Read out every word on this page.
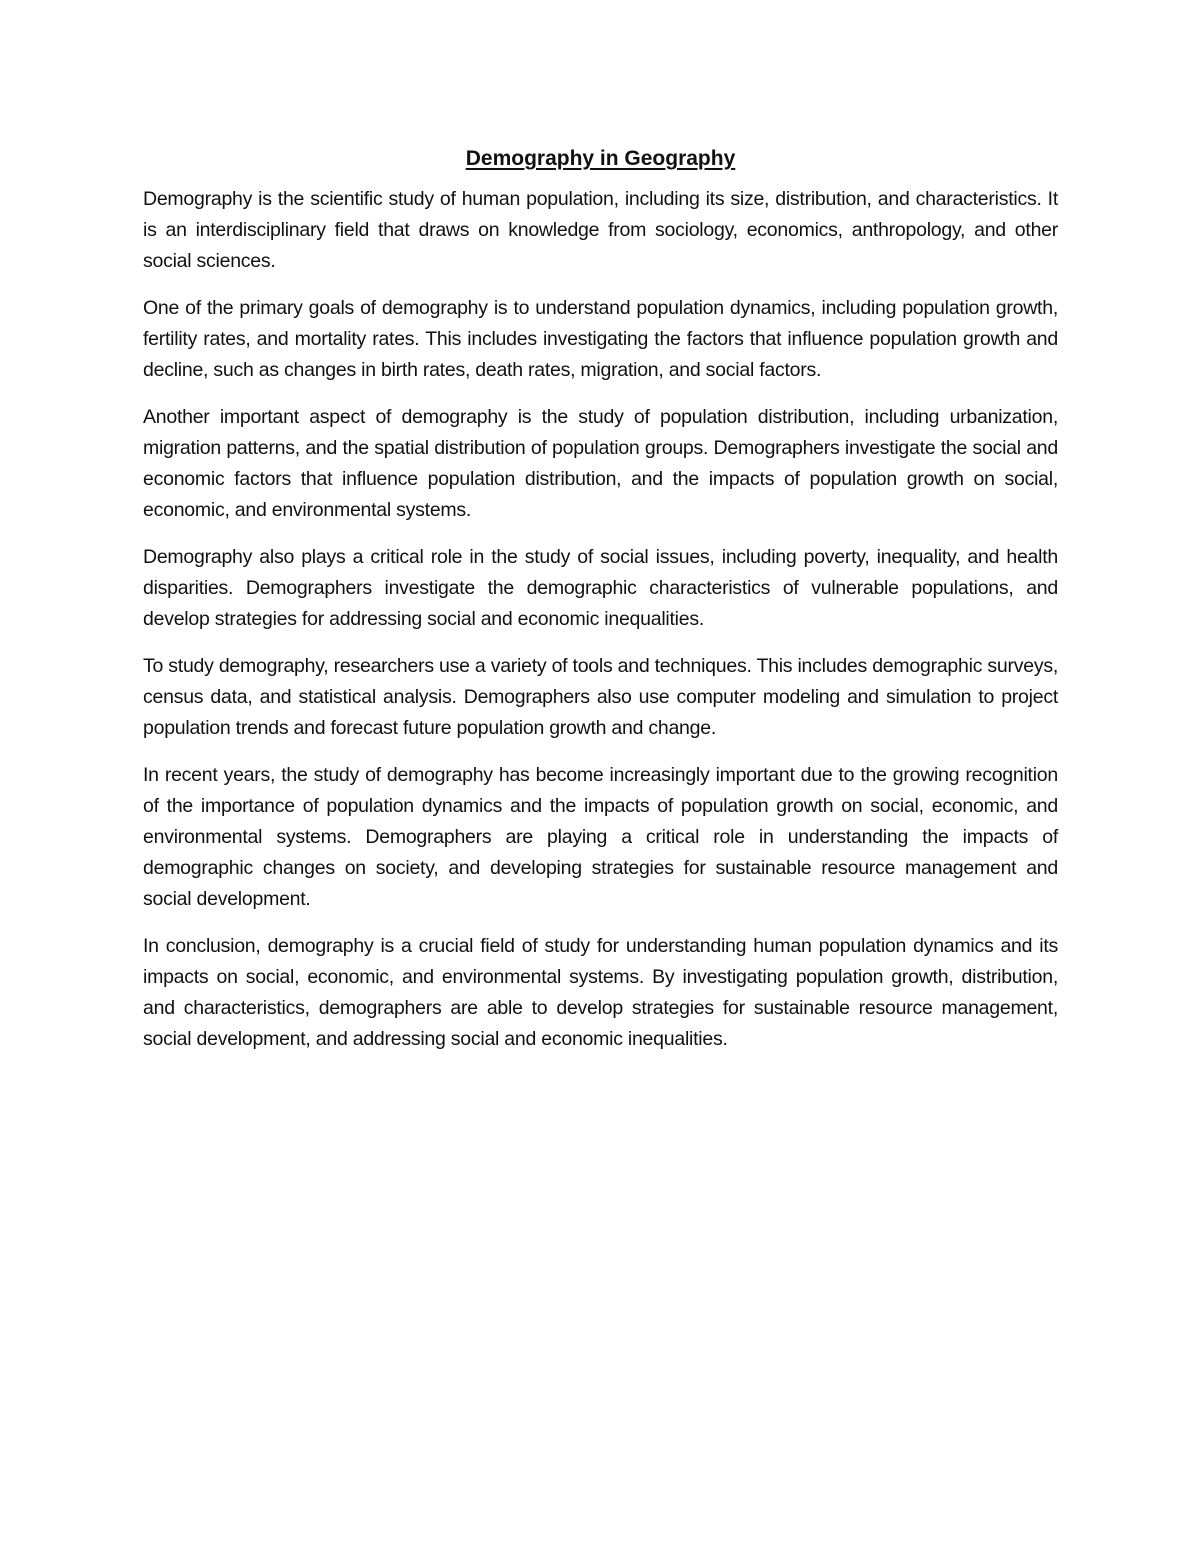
Demography in Geography

Demography is the scientific study of human population, including its size, distribution, and characteristics. It is an interdisciplinary field that draws on knowledge from sociology, economics, anthropology, and other social sciences.

One of the primary goals of demography is to understand population dynamics, including population growth, fertility rates, and mortality rates. This includes investigating the factors that influence population growth and decline, such as changes in birth rates, death rates, migration, and social factors.

Another important aspect of demography is the study of population distribution, including urbanization, migration patterns, and the spatial distribution of population groups. Demographers investigate the social and economic factors that influence population distribution, and the impacts of population growth on social, economic, and environmental systems.

Demography also plays a critical role in the study of social issues, including poverty, inequality, and health disparities. Demographers investigate the demographic characteristics of vulnerable populations, and develop strategies for addressing social and economic inequalities.

To study demography, researchers use a variety of tools and techniques. This includes demographic surveys, census data, and statistical analysis. Demographers also use computer modeling and simulation to project population trends and forecast future population growth and change.

In recent years, the study of demography has become increasingly important due to the growing recognition of the importance of population dynamics and the impacts of population growth on social, economic, and environmental systems. Demographers are playing a critical role in understanding the impacts of demographic changes on society, and developing strategies for sustainable resource management and social development.

In conclusion, demography is a crucial field of study for understanding human population dynamics and its impacts on social, economic, and environmental systems. By investigating population growth, distribution, and characteristics, demographers are able to develop strategies for sustainable resource management, social development, and addressing social and economic inequalities.
